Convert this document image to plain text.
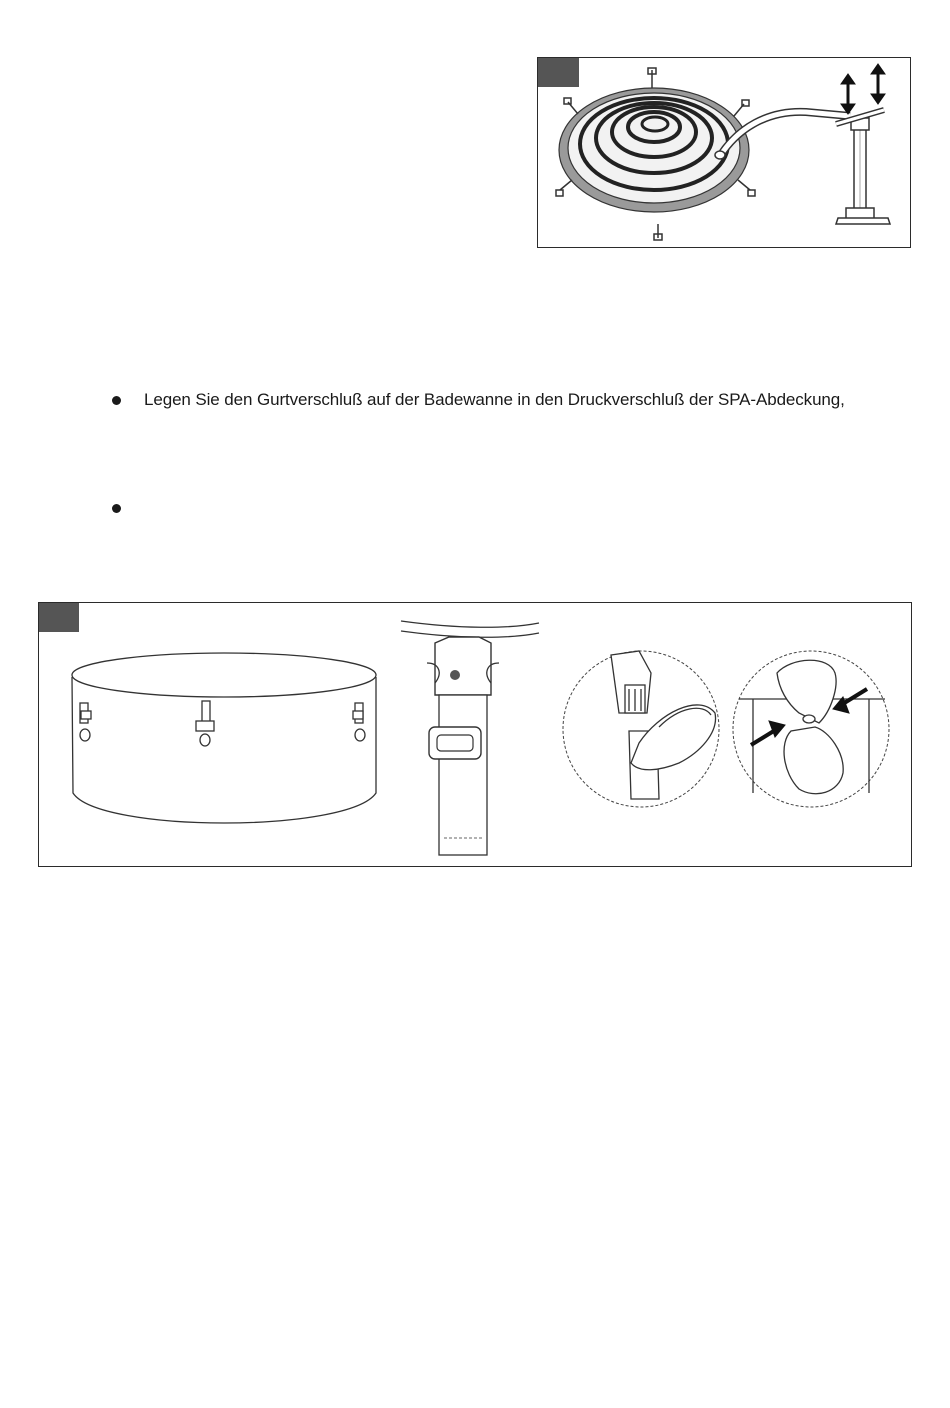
Legen Sie den Gurtverschluß auf der Badewanne in den Druckverschluß der SPA-Abdeckung,
